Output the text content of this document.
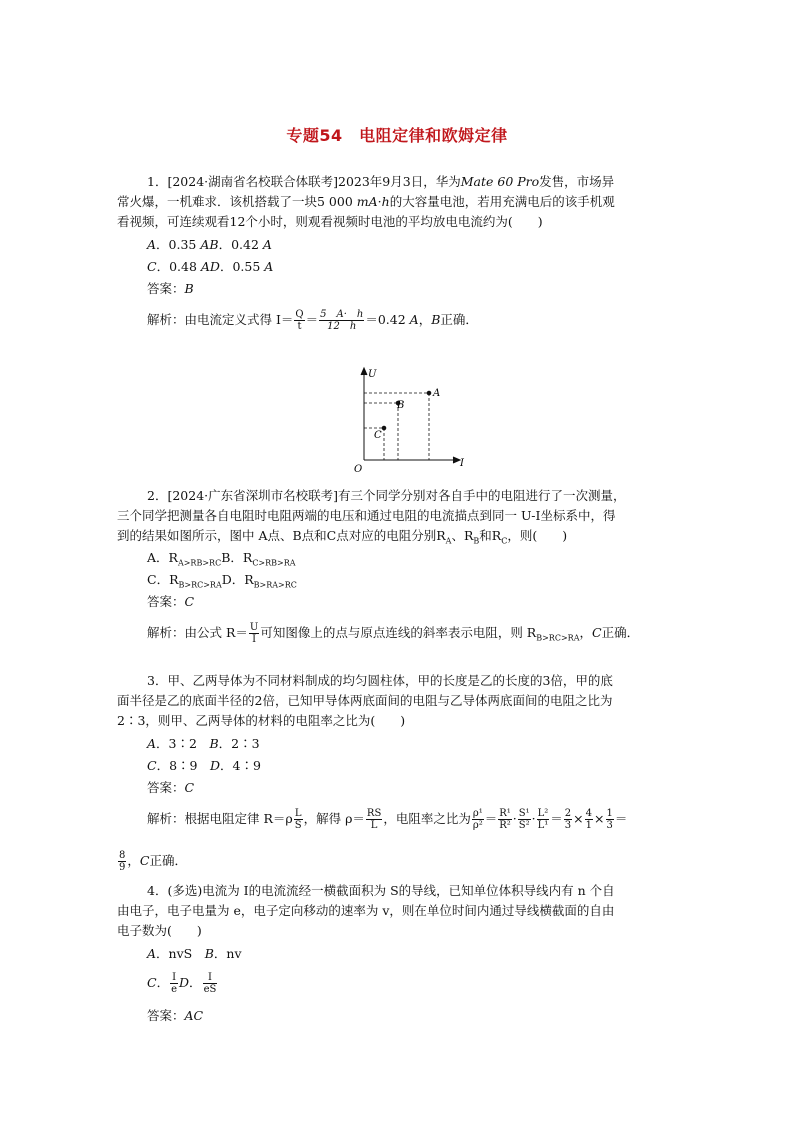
专题54　电阻定律和欧姆定律
1．[2024·湖南省名校联合体联考]2023年9月3日，华为Mate 60 Pro发售，市场异
常火爆，一机难求．该机搭载了一块5 000 mA·h的大容量电池，若用充满电后的该手机观
看视频，可连续观看12个小时，则观看视频时电池的平均放电电流约为(　　)
A．0.35 AB．0.42 A
C．0.48 AD．0.55 A
答案：B
解析：由电流定义式得 $I= \frac{Q}{t} = \frac{5 A\cdot h}{12 h} =0.42$ A，B正确．
U
I
O
A
B
C
2．[2024·广东省深圳市名校联考]有三个同学分别对各自手中的电阻进行了一次测量，
三个同学把测量各自电阻时电阻两端的电压和通过电阻的电流描点到同一 U-I坐标系中，得
到的结果如图所示，图中 A点、B点和C点对应的电阻分别$R_A$、$R_B$和$R_C$，则(　　)
A．$R_{A>RB>RC}B$．$R_{C>RB>RA}$
C．$R_{B>RC>RA}D$．$R_{B>RA>RC}$
答案：C
解析：由公式 $R= \frac{U}{I}$ 可知图像上的点与原点连线的斜率表示电阻，则 $R_{B>RC>RA}$，C正确．
3．甲、乙两导体为不同材料制成的均匀圆柱体，甲的长度是乙的长度的3倍，甲的底
面半径是乙的底面半径的2倍，已知甲导体两底面间的电阻与乙导体两底面间的电阻之比为
2∶3，则甲、乙两导体的材料的电阻率之比为(　　)
A．3∶2　B．2∶3
C．8∶9　D．4∶9
答案：C
解析：根据电阻定律 $R=\rho \frac{L}{S}$ ，解得 $\rho= \frac{RS}{L}$ ，电阻率之比为 $\frac{\text{ρ¹}}{\text{ρ²}} = \frac{\text{R¹}}{\text{R²}} \cdot \frac{\text{S¹}}{\text{S²}} \cdot \frac{\text{L²}}{\text{L¹}} = \frac{2}{3} \times \frac{4}{1} \times \frac{1}{3}$ ＝
$\frac{8}{9}$ ，C正确．
4．(多选)电流为 I的电流流经一横截面积为 S的导线，已知单位体积导线内有 n 个自
由电子，电子电量为 e，电子定向移动的速率为 v，则在单位时间内通过导线横截面的自由
电子数为(　　)
A．nvS　B．nv
C． $\frac{I}{e}$ D． $\frac{I}{eS}$
答案：AC
